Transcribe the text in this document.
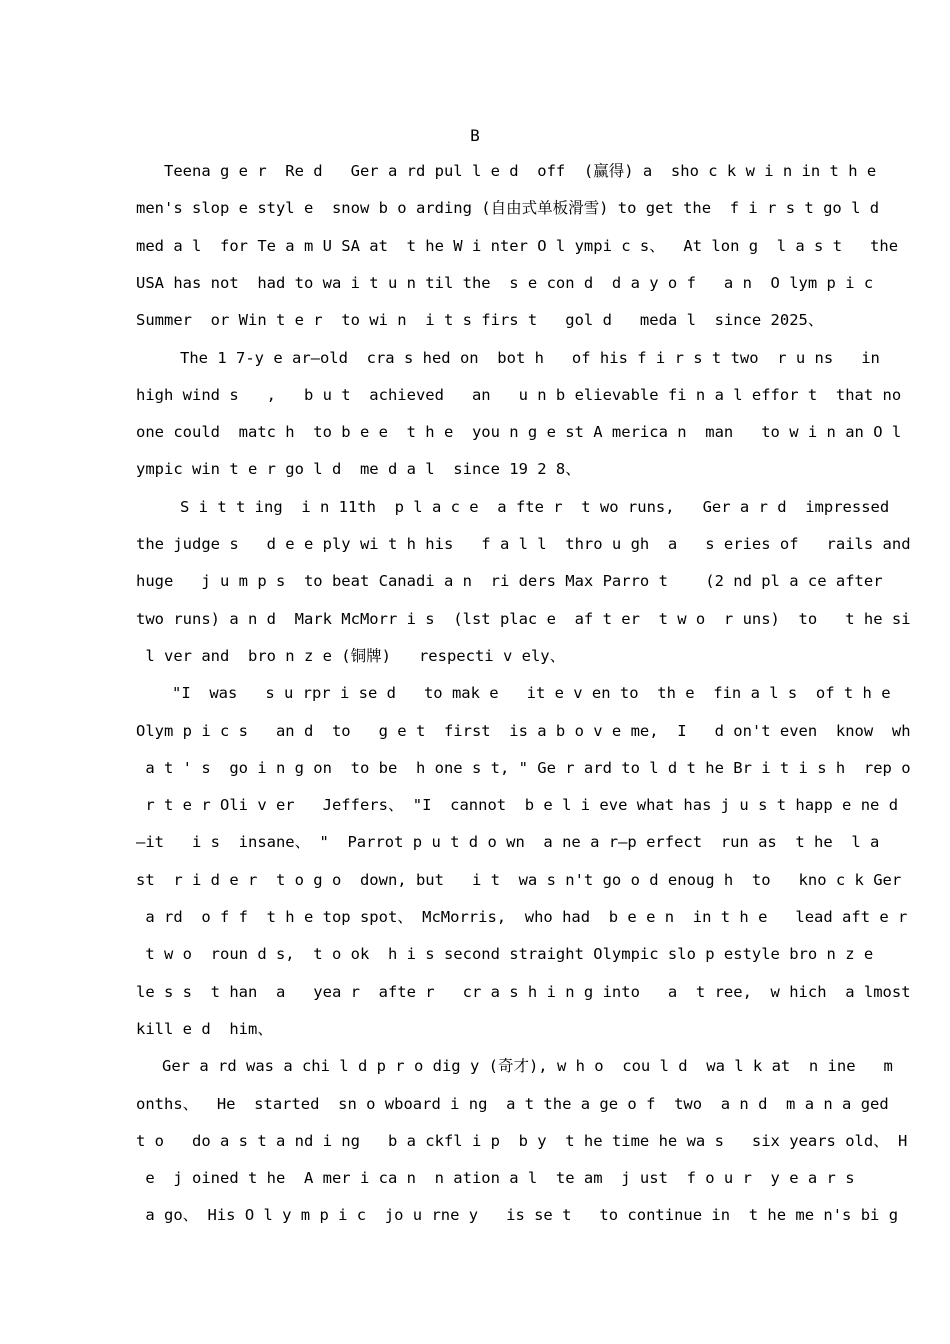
B
Teena g e r  Re d   Ger a rd pul l e d  off  (赢得) a  sho c k w i n in t h e
men's slop e styl e  snow b o arding (自由式单板滑雪) to get the  f i r s t go l d
med a l  for Te a m U SA at  t he W i nter O l ympi c s、  At lon g  l a s t   the
USA has not  had to wa i t u n til the  s e con d  d a y o f   a n  O lym p i c
Summer  or Win t e r  to wi n  i t s firs t   gol d   meda l  since 2025、
The 1 7-y e ar—old  cra s hed on  bot h   of his f i r s t two  r u ns   in
high wind s   ,   b u t  achieved   an   u n b elievable fi n a l effor t  that no
one could  matc h  to b e e  t h e  you n g e st A merica n  man   to w i n an O l
ympic win t e r go l d  me d a l  since 19 2 8、
S i t t ing  i n 11th  p l a c e  a fte r  t wo runs,   Ger a r d  impressed
the judge s   d e e ply wi t h his   f a l l  thro u gh  a   s eries of   rails and
huge   j u m p s  to beat Canadi a n  ri ders Max Parro t    (2 nd pl a ce after
two runs) a n d  Mark McMorr i s  (lst plac e  af t er  t w o  r uns)  to   t he si
l ver and  bro n z e (铜牌)   respecti v ely、
"I  was   s u rpr i se d   to mak e   it e v en to  th e  fin a l s  of t h e
Olym p i c s   an d  to   g e t  first  is a b o v e me,  I   d on't even  know  wh
a t ' s  go i n g on  to be  h one s t, " Ge r ard to l d t he Br i t i s h  rep o
r t e r Oli v er   Jeffers、 "I  cannot  b e l i eve what has j u s t happ e ne d
—it   i s  insane、 "  Parrot p u t d o wn  a ne a r—p erfect  run as  t he  l a
st  r i d e r  t o g o  down, but   i t  wa s n't go o d enoug h  to   kno c k Ger
a rd  o f f  t h e top spot、 McMorris,  who had  b e e n  in t h e   lead aft e r
t w o  roun d s,  t o ok  h i s second straight Olympic slo p estyle bro n z e
le s s  t han  a   yea r  afte r   cr a s h i n g into   a  t ree,  w hich  a lmost
kill e d  him、
Ger a rd was a chi l d p r o dig y (奇才), w h o  cou l d  wa l k at  n ine   m
onths、  He  started  sn o wboard i ng  a t the a ge o f  two  a n d  m a n a ged
t o   do a s t a nd i ng   b a ckfl i p  b y  t he time he wa s   six years old、 H
e  j oined t he  A mer i ca n  n ation a l  te am  j ust  f o u r  y e a r s
a go、 His O l y m p i c  jo u rne y   is se t   to continue in  t he me n's bi g
